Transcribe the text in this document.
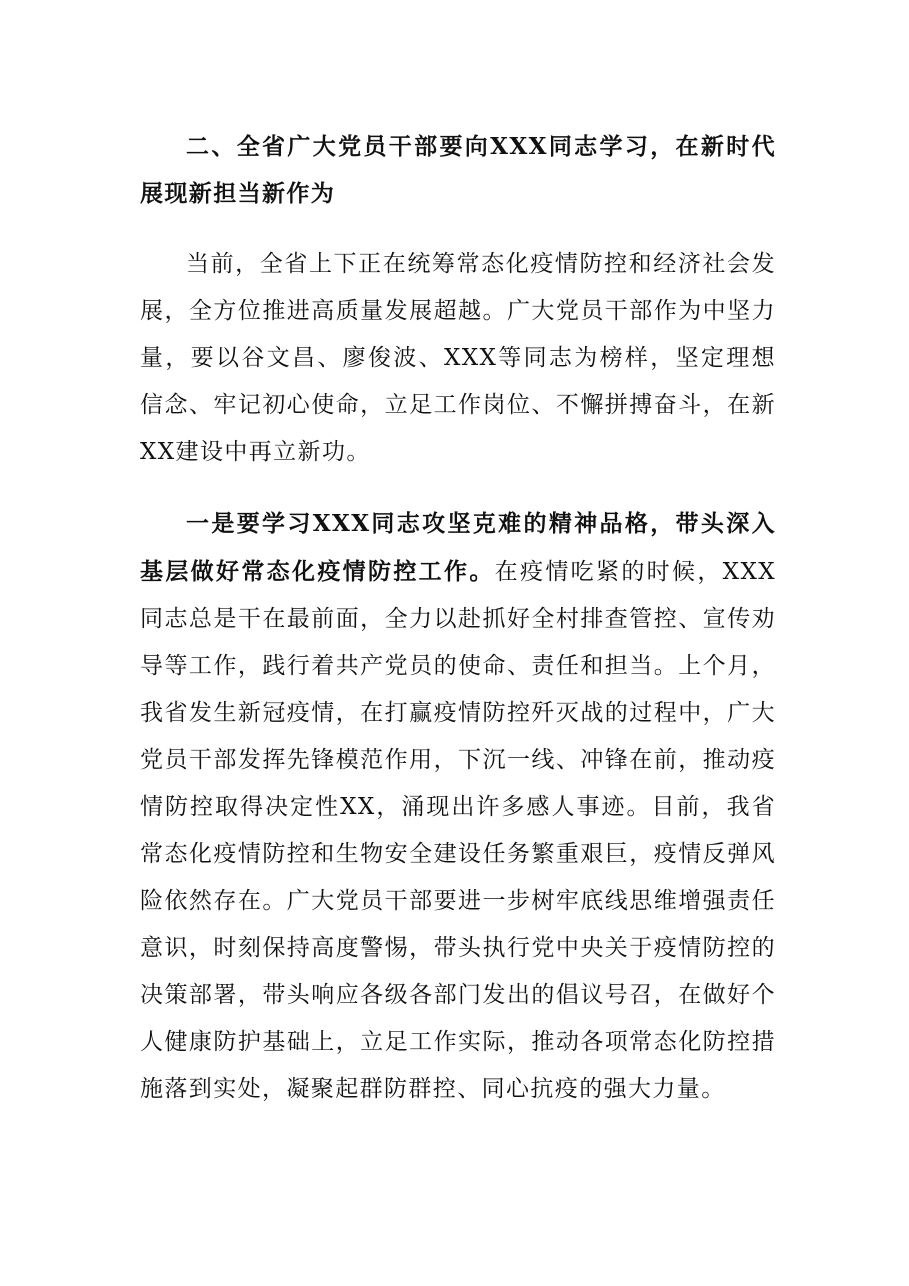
二、全省广大党员干部要向XXX同志学习，在新时代展现新担当新作为

当前，全省上下正在统筹常态化疫情防控和经济社会发展，全方位推进高质量发展超越。广大党员干部作为中坚力量，要以谷文昌、廖俊波、XXX等同志为榜样，坚定理想信念、牢记初心使命，立足工作岗位、不懈拼搏奋斗，在新XX建设中再立新功。

一是要学习XXX同志攻坚克难的精神品格，带头深入基层做好常态化疫情防控工作。在疫情吃紧的时候，XXX同志总是干在最前面，全力以赴抓好全村排查管控、宣传劝导等工作，践行着共产党员的使命、责任和担当。上个月，我省发生新冠疫情，在打赢疫情防控歼灭战的过程中，广大党员干部发挥先锋模范作用，下沉一线、冲锋在前，推动疫情防控取得决定性XX，涌现出许多感人事迹。目前，我省常态化疫情防控和生物安全建设任务繁重艰巨，疫情反弹风险依然存在。广大党员干部要进一步树牢底线思维增强责任意识，时刻保持高度警惕，带头执行党中央关于疫情防控的决策部署，带头响应各级各部门发出的倡议号召，在做好个人健康防护基础上，立足工作实际，推动各项常态化防控措施落到实处，凝聚起群防群控、同心抗疫的强大力量。
